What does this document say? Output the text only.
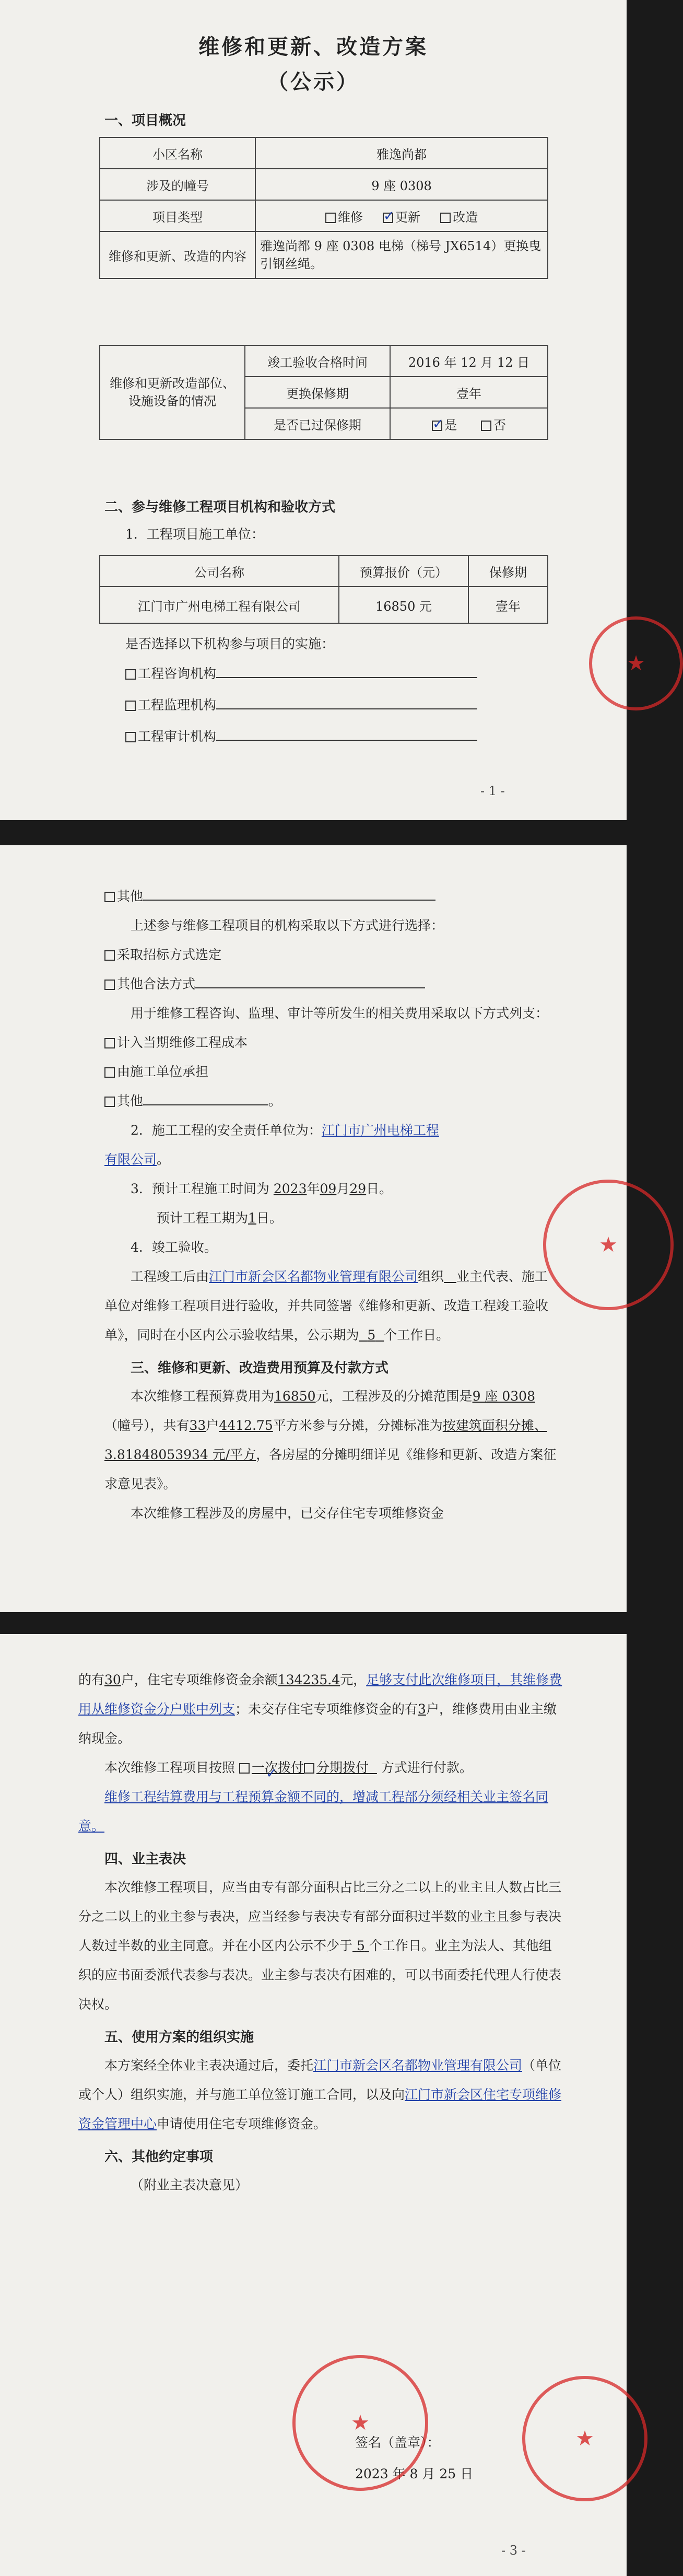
维修和更新、改造方案
（公示）
一、项目概况
小区名称	雅逸尚都
涉及的幢号	9 座 0308
项目类型	维修 ✓ 更新 改造
维修和更新、改造的内容	雅逸尚都 9 座 0308 电梯（梯号 JX6514）更换曳引钢丝绳。
维修和更新改造部位、设施设备的情况	竣工验收合格时间	2016 年 12 月 12 日
	更换保修期	壹年
	是否已过保修期	✓是 否
二、参与维修工程项目机构和验收方式
1．工程项目施工单位：
公司名称	预算报价（元）	保修期
江门市广州电梯工程有限公司	16850 元	壹年
是否选择以下机构参与项目的实施：
工程咨询机构
工程监理机构
工程审计机构
- 1 -
★
其他
上述参与维修工程项目的机构采取以下方式进行选择：
采取招标方式选定
其他合法方式
用于维修工程咨询、监理、审计等所发生的相关费用采取以下方式列支：
计入当期维修工程成本
由施工单位承担
其他	。
2．施工工程的安全责任单位为：江门市广州电梯工程
有限公司。
3．预计工程施工时间为 2023年09月29日。
预计工程工期为1日。
4．竣工验收。
工程竣工后由江门市新会区名都物业管理有限公司组织 业主代表、施工单位对维修工程项目进行验收，并共同签署《维修和更新、改造工程竣工验收单》，同时在小区内公示验收结果，公示期为 5 个工作日。
三、维修和更新、改造费用预算及付款方式
本次维修工程预算费用为16850元，工程涉及的分摊范围是9 座 0308（幢号），共有33户4412.75平方米参与分摊，分摊标准为按建筑面积分摊、3.81848053934 元/平方，各房屋的分摊明细详见《维修和更新、改造方案征求意见表》。
本次维修工程涉及的房屋中，已交存住宅专项维修资金
★
的有30户，住宅专项维修资金余额134235.4元，足够支付此次维修项目，其维修费用从维修资金分户账中列支；未交存住宅专项维修资金的有3户，维修费用由业主缴纳现金。
本次维修工程项目按照 ✓ 一次拨付 分期拨付 方式进行付款。
维修工程结算费用与工程预算金额不同的，增减工程部分须经相关业主签名同意。
四、业主表决
本次维修工程项目，应当由专有部分面积占比三分之二以上的业主且人数占比三分之二以上的业主参与表决，应当经参与表决专有部分面积过半数的业主且参与表决人数过半数的业主同意。并在小区内公示不少于 5 个工作日。业主为法人、其他组织的应书面委派代表参与表决。业主参与表决有困难的，可以书面委托代理人行使表决权。
五、使用方案的组织实施
本方案经全体业主表决通过后，委托江门市新会区名都物业管理有限公司（单位或个人）组织实施，并与施工单位签订施工合同，以及向江门市新会区住宅专项维修资金管理中心申请使用住宅专项维修资金。
六、其他约定事项
（附业主表决意见）
签名（盖章）：
2023 年 8 月 25 日
★
★
- 3 -
